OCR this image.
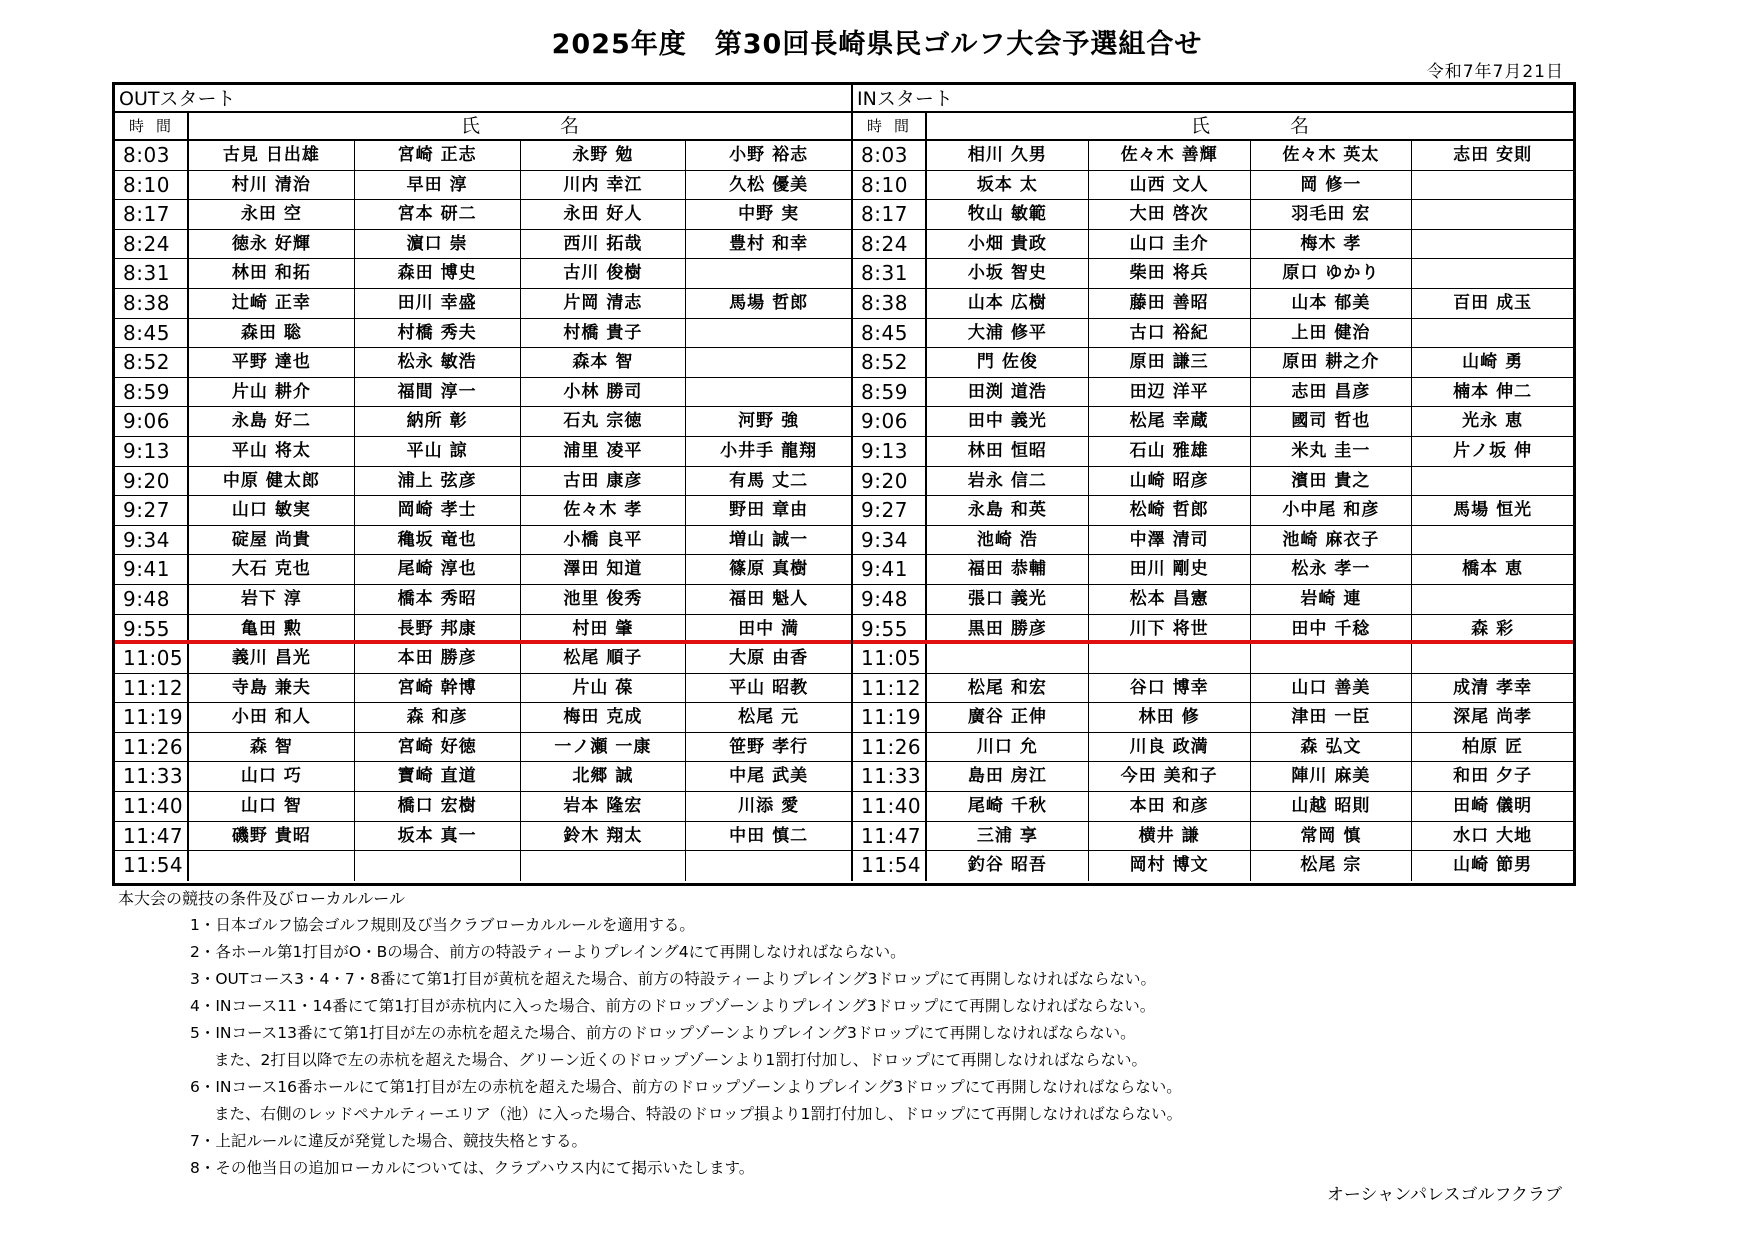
2025年度　第30回長崎県民ゴルフ大会予選組合せ
令和7年7月21日
OUTスタート
時間	氏名
8:03	古見 日出雄	宮崎 正志	永野 勉	小野 裕志
8:10	村川 清治	早田 淳	川内 幸江	久松 優美
8:17	永田 空	宮本 研二	永田 好人	中野 実
8:24	徳永 好輝	濵口 崇	西川 拓哉	豊村 和幸
8:31	林田 和拓	森田 博史	古川 俊樹
8:38	辻崎 正幸	田川 幸盛	片岡 清志	馬場 哲郎
8:45	森田 聡	村橋 秀夫	村橋 貴子
8:52	平野 達也	松永 敏浩	森本 智
8:59	片山 耕介	福間 淳一	小林 勝司
9:06	永島 好二	納所 彰	石丸 宗徳	河野 強
9:13	平山 将太	平山 諒	浦里 凌平	小井手 龍翔
9:20	中原 健太郎	浦上 弦彦	古田 康彦	有馬 丈二
9:27	山口 敏実	岡崎 孝士	佐々木 孝	野田 章由
9:34	碇屋 尚貴	穐坂 竜也	小橋 良平	増山 誠一
9:41	大石 克也	尾崎 淳也	澤田 知道	篠原 真樹
9:48	岩下 淳	橋本 秀昭	池里 俊秀	福田 魁人
9:55	亀田 勲	長野 邦康	村田 肇	田中 満
11:05	義川 昌光	本田 勝彦	松尾 順子	大原 由香
11:12	寺島 兼夫	宮崎 幹博	片山 葆	平山 昭教
11:19	小田 和人	森 和彦	梅田 克成	松尾 元
11:26	森 智	宮崎 好徳	一ノ瀬 一康	笹野 孝行
11:33	山口 巧	寶崎 直道	北郷 誠	中尾 武美
11:40	山口 智	橋口 宏樹	岩本 隆宏	川添 愛
11:47	磯野 貴昭	坂本 真一	鈴木 翔太	中田 慎二
11:54
INスタート
時間	氏名
8:03	相川 久男	佐々木 善輝	佐々木 英太	志田 安則
8:10	坂本 太	山西 文人	岡 修一
8:17	牧山 敏範	大田 啓次	羽毛田 宏
8:24	小畑 貴政	山口 圭介	梅木 孝
8:31	小坂 智史	柴田 将兵	原口 ゆかり
8:38	山本 広樹	藤田 善昭	山本 郁美	百田 成玉
8:45	大浦 修平	古口 裕紀	上田 健治
8:52	門 佐俊	原田 謙三	原田 耕之介	山崎 勇
8:59	田渕 道浩	田辺 洋平	志田 昌彦	楠本 伸二
9:06	田中 義光	松尾 幸蔵	國司 哲也	光永 恵
9:13	林田 恒昭	石山 雅雄	米丸 圭一	片ノ坂 伸
9:20	岩永 信二	山崎 昭彦	濱田 貴之
9:27	永島 和英	松崎 哲郎	小中尾 和彦	馬場 恒光
9:34	池崎 浩	中澤 清司	池崎 麻衣子
9:41	福田 恭輔	田川 剛史	松永 孝一	橋本 恵
9:48	張口 義光	松本 昌憲	岩崎 連
9:55	黒田 勝彦	川下 将世	田中 千稔	森 彩
11:05
11:12	松尾 和宏	谷口 博幸	山口 善美	成清 孝幸
11:19	廣谷 正伸	林田 修	津田 一臣	深尾 尚孝
11:26	川口 允	川良 政満	森 弘文	柏原 匠
11:33	島田 房江	今田 美和子	陣川 麻美	和田 夕子
11:40	尾崎 千秋	本田 和彦	山越 昭則	田崎 儀明
11:47	三浦 享	横井 謙	常岡 慎	水口 大地
11:54	釣谷 昭吾	岡村 博文	松尾 宗	山崎 節男
本大会の競技の条件及びローカルルール
1・日本ゴルフ協会ゴルフ規則及び当クラブローカルルールを適用する。
2・各ホール第1打目がO・Bの場合、前方の特設ティーよりプレイング4にて再開しなければならない。
3・OUTコース3・4・7・8番にて第1打目が黄杭を超えた場合、前方の特設ティーよりプレイング3ドロップにて再開しなければならない。
4・INコース11・14番にて第1打目が赤杭内に入った場合、前方のドロップゾーンよりプレイング3ドロップにて再開しなければならない。
5・INコース13番にて第1打目が左の赤杭を超えた場合、前方のドロップゾーンよりプレイング3ドロップにて再開しなければならない。
また、2打目以降で左の赤杭を超えた場合、グリーン近くのドロップゾーンより1罰打付加し、ドロップにて再開しなければならない。
6・INコース16番ホールにて第1打目が左の赤杭を超えた場合、前方のドロップゾーンよりプレイング3ドロップにて再開しなければならない。
また、右側のレッドペナルティーエリア（池）に入った場合、特設のドロップ損より1罰打付加し、ドロップにて再開しなければならない。
7・上記ルールに違反が発覚した場合、競技失格とする。
8・その他当日の追加ローカルについては、クラブハウス内にて掲示いたします。
オーシャンパレスゴルフクラブ
